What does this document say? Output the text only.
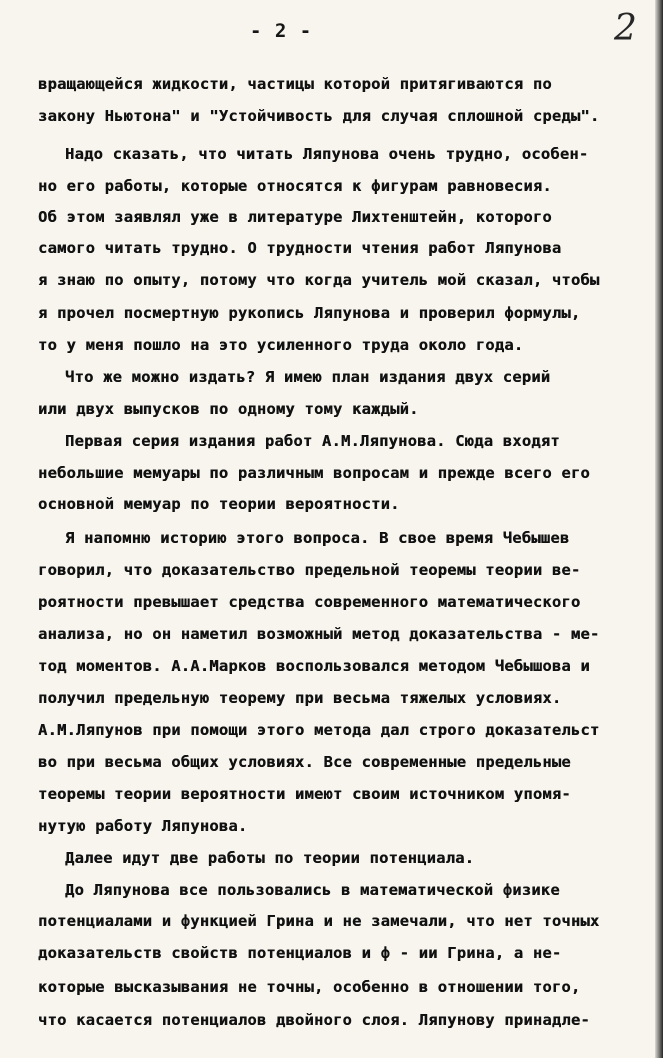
- 2 -	2
вращающейся жидкости, частицы которой притягиваются по
закону Ньютона" и "Устойчивость для случая сплошной среды".
Надо сказать, что читать Ляпунова очень трудно, особен-
но его работы, которые относятся к фигурам равновесия.
Об этом заявлял уже в литературе Лихтенштейн, которого
самого читать трудно. О трудности чтения работ Ляпунова
я знаю по опыту, потому что когда учитель мой сказал, чтобы
я прочел посмертную рукопись Ляпунова и проверил формулы,
то у меня пошло на это усиленного труда около года.
Что же можно издать? Я имею план издания двух серий
или двух выпусков по одному тому каждый.
Первая серия издания работ А.М.Ляпунова. Сюда входят
небольшие мемуары по различным вопросам и прежде всего его
основной мемуар по теории вероятности.
Я напомню историю этого вопроса. В свое время Чебышев
говорил, что доказательство предельной теоремы теории ве-
роятности превышает средства современного математического
анализа, но он наметил возможный метод доказательства - ме-
тод моментов. А.А.Марков воспользовался методом Чебышова и
получил предельную теорему при весьма тяжелых условиях.
А.М.Ляпунов при помощи этого метода дал строго доказательст
во при весьма общих условиях. Все современные предельные
теоремы теории вероятности имеют своим источником упомя-
нутую работу Ляпунова.
Далее идут две работы по теории потенциала.
До Ляпунова все пользовались в математической физике
потенциалами и функцией Грина и не замечали, что нет точных
доказательств свойств потенциалов и ф - ии Грина, а не-
которые высказывания не точны, особенно в отношении того,
что касается потенциалов двойного слоя. Ляпунову принадле-
